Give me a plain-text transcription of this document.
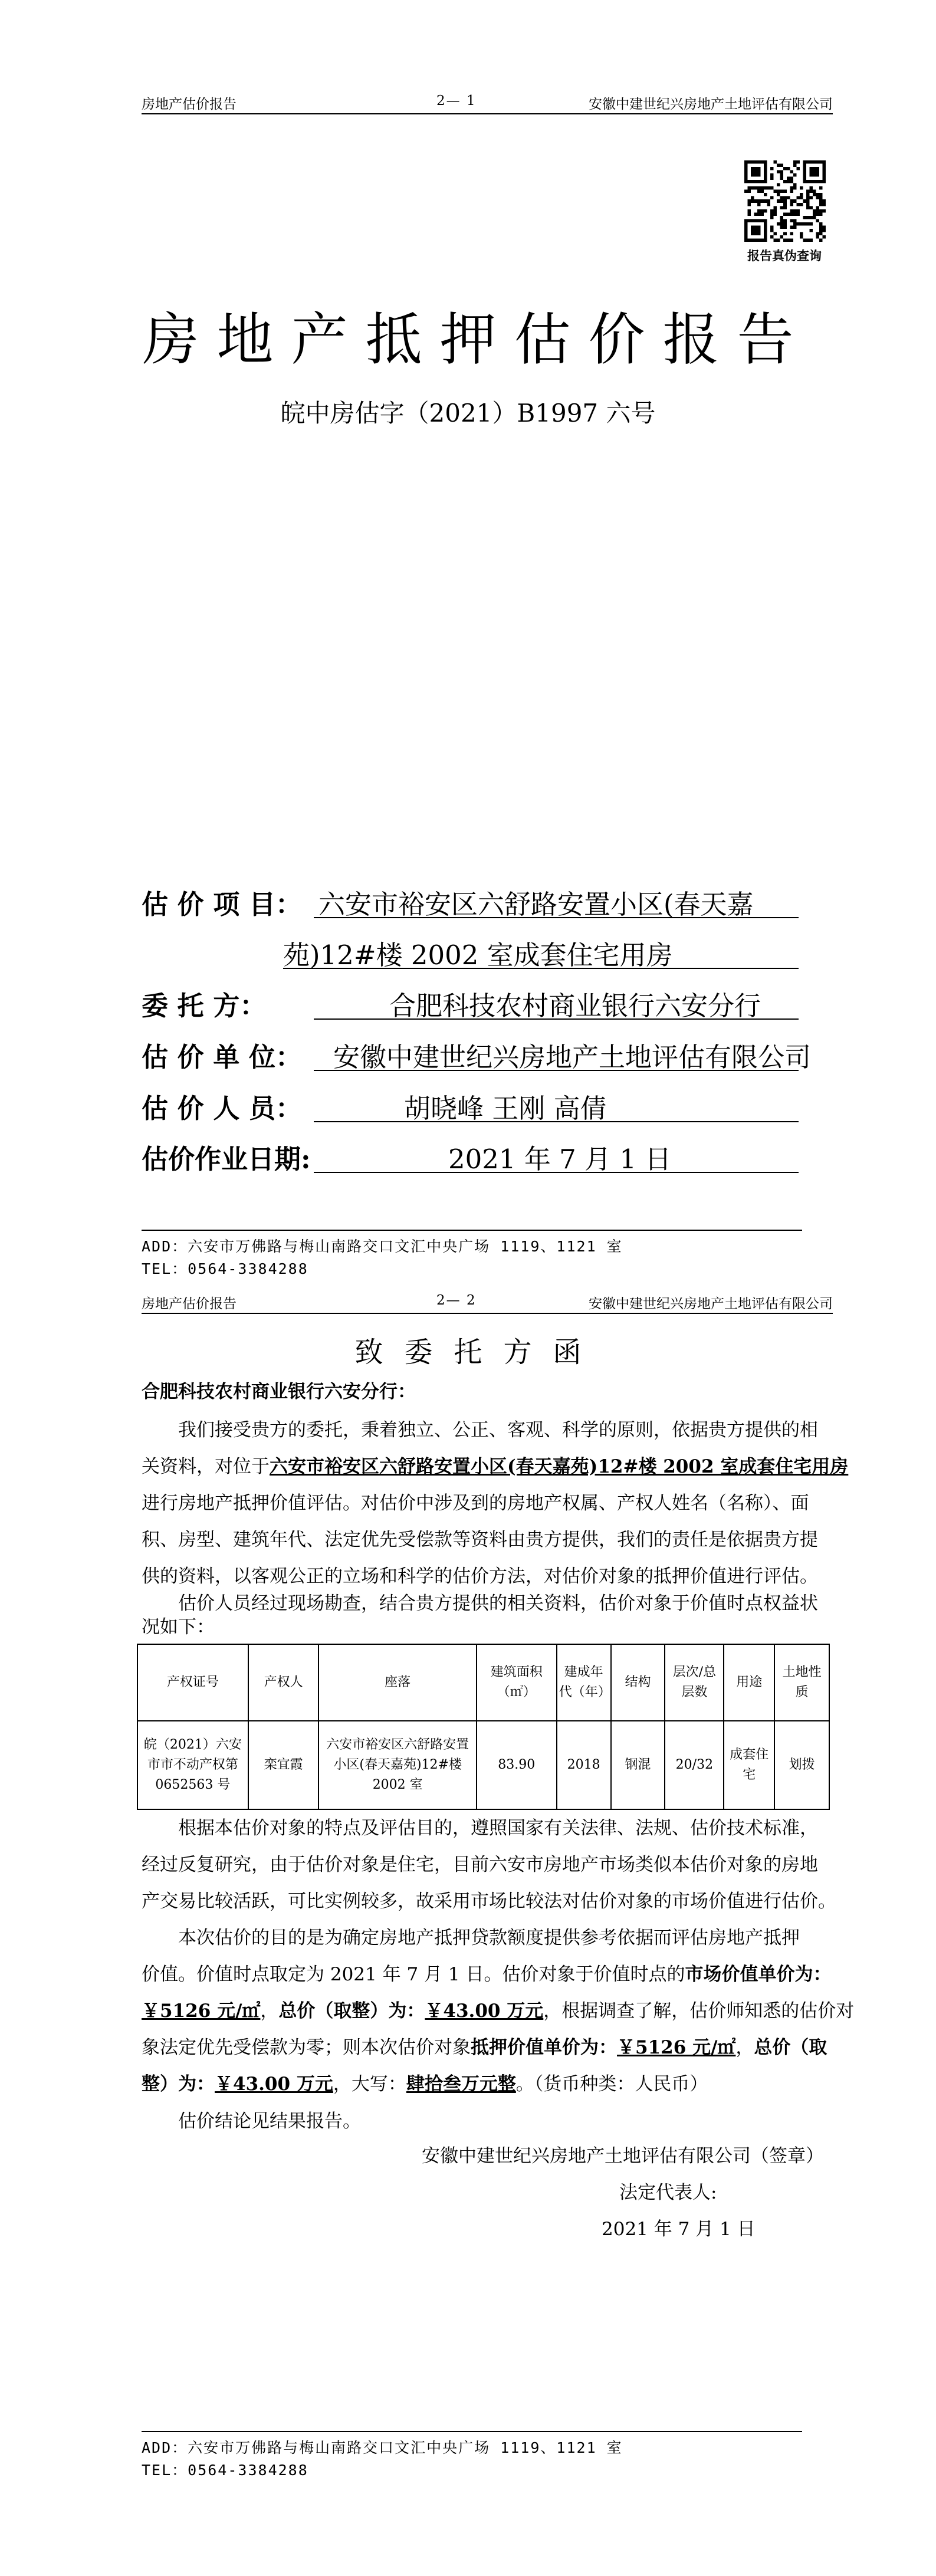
房地产估价报告	2— 1	安徽中建世纪兴房地产土地评估有限公司
报告真伪查询
房地产抵押估价报告
皖中房估字（2021）B1997 六号
估 价 项 目： 六安市裕安区六舒路安置小区(春天嘉
苑)12#楼 2002 室成套住宅用房
委 托 方：	合肥科技农村商业银行六安分行
估 价 单 位： 安徽中建世纪兴房地产土地评估有限公司
估 价 人 员：	胡晓峰 王刚 高倩
估价作业日期:	2021 年 7 月 1 日
ADD：六安市万佛路与梅山南路交口文汇中央广场 1119、1121 室
TEL：0564-3384288
房地产估价报告	2— 2	安徽中建世纪兴房地产土地评估有限公司
致委托方函
合肥科技农村商业银行六安分行：
我们接受贵方的委托，秉着独立、公正、客观、科学的原则，依据贵方提供的相
关资料，对位于六安市裕安区六舒路安置小区(春天嘉苑)12#楼 2002 室成套住宅用房
进行房地产抵押价值评估。对估价中涉及到的房地产权属、产权人姓名（名称）、面
积、房型、建筑年代、法定优先受偿款等资料由贵方提供，我们的责任是依据贵方提
供的资料，以客观公正的立场和科学的估价方法，对估价对象的抵押价值进行评估。
估价人员经过现场勘查，结合贵方提供的相关资料，估价对象于价值时点权益状
况如下：
产权证号	产权人	座落	建筑面积（㎡）	建成年代（年）	结构	层次/总层数	用途	土地性质
皖（2021）六安市市不动产权第 0652563 号	栾宜霞	六安市裕安区六舒路安置小区(春天嘉苑)12#楼 2002 室	83.90	2018	钢混	20/32	成套住宅	划拨
根据本估价对象的特点及评估目的，遵照国家有关法律、法规、估价技术标准，
经过反复研究，由于估价对象是住宅，目前六安市房地产市场类似本估价对象的房地
产交易比较活跃，可比实例较多，故采用市场比较法对估价对象的市场价值进行估价。
本次估价的目的是为确定房地产抵押贷款额度提供参考依据而评估房地产抵押
价值。价值时点取定为 2021 年 7 月 1 日。估价对象于价值时点的市场价值单价为：
￥5126 元/㎡，总价（取整）为：￥43.00 万元，根据调查了解，估价师知悉的估价对
象法定优先受偿款为零；则本次估价对象抵押价值单价为：￥5126 元/㎡，总价（取
整）为：￥43.00 万元，大写：肆拾叁万元整。（货币种类：人民币）
估价结论见结果报告。
安徽中建世纪兴房地产土地评估有限公司（签章）
法定代表人:
2021 年 7 月 1 日
ADD：六安市万佛路与梅山南路交口文汇中央广场 1119、1121 室
TEL：0564-3384288
